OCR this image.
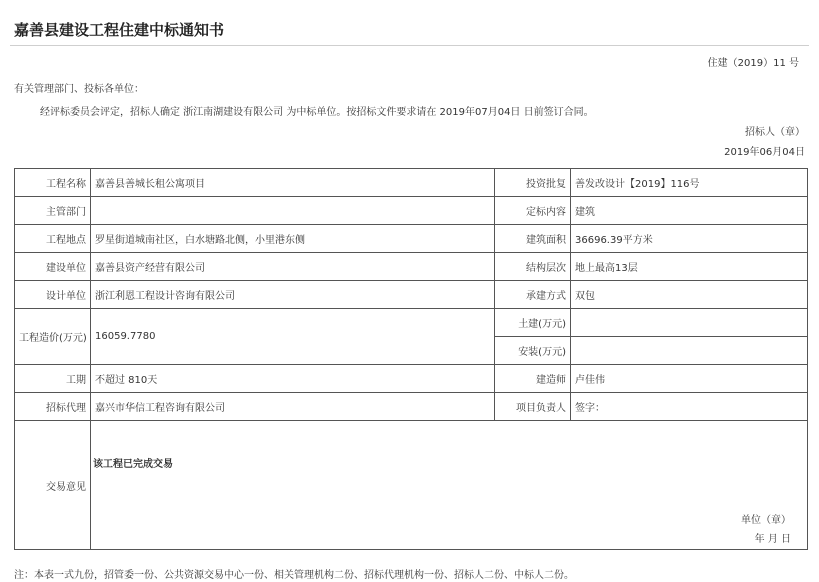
嘉善县建设工程住建中标通知书
住建（2019）11 号
有关管理部门、投标各单位：
经评标委员会评定，招标人确定 浙江南湖建设有限公司 为中标单位。按招标文件要求请在 2019年07月04日 日前签订合同。
招标人（章）
2019年06月04日
工程名称	嘉善县善城长租公寓项目	投资批复	善发改设计【2019】116号
主管部门		定标内容	建筑
工程地点	罗星街道城南社区，白水塘路北侧，小里港东侧	建筑面积	36696.39平方米
建设单位	嘉善县资产经营有限公司	结构层次	地上最高13层
设计单位	浙江利恩工程设计咨询有限公司	承建方式	双包
工程造价(万元)	16059.7780	土建(万元)	
		安装(万元)	
工期	不超过 810天	建造师	卢佳伟
招标代理	嘉兴市华信工程咨询有限公司	项目负责人	签字：
交易意见	该工程已完成交易
单位（章）
年 月 日		
注：本表一式九份，招管委一份、公共资源交易中心一份、相关管理机构二份、招标代理机构一份、招标人二份、中标人二份。
